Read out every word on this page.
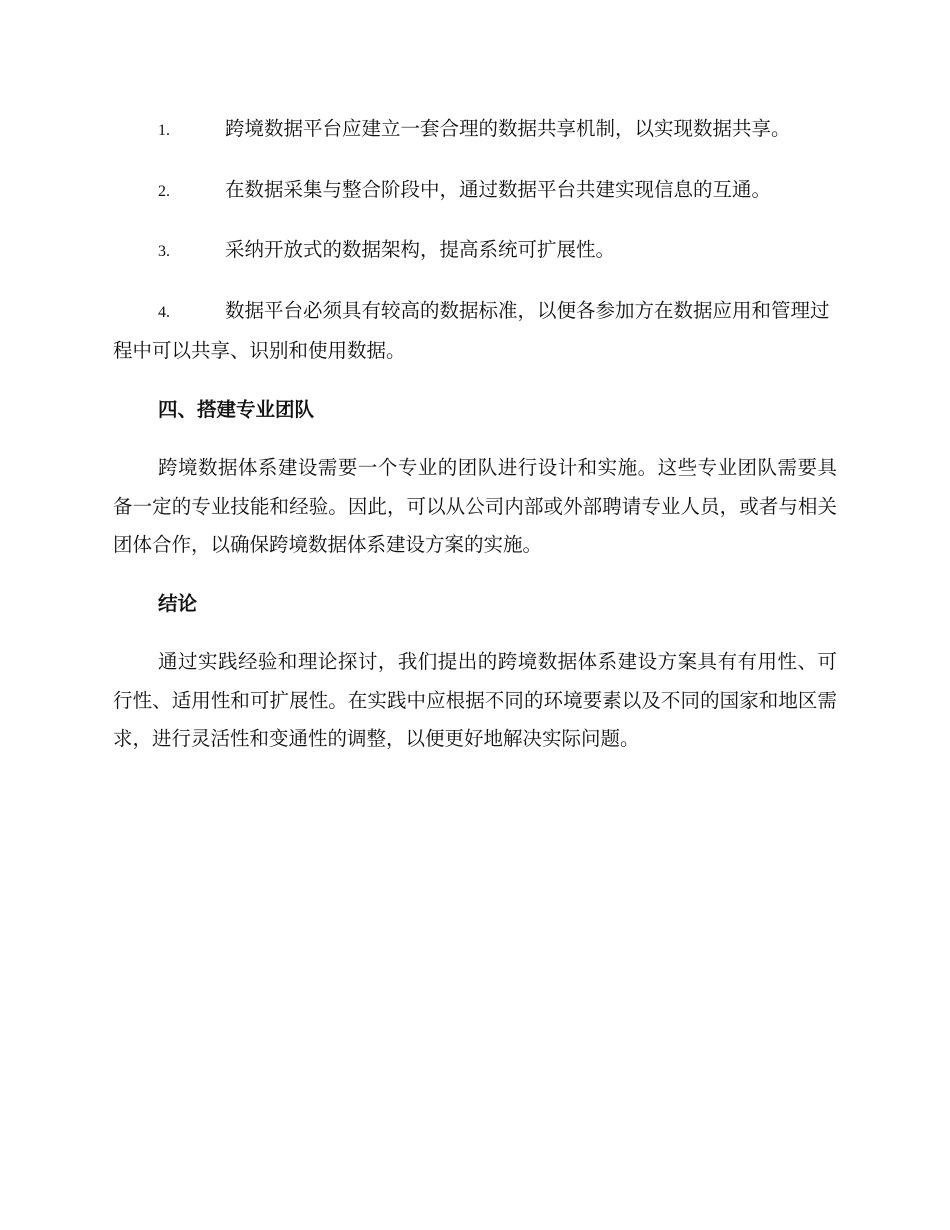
1.	跨境数据平台应建立一套合理的数据共享机制，以实现数据共享。
2.	在数据采集与整合阶段中，通过数据平台共建实现信息的互通。
3.	采纳开放式的数据架构，提高系统可扩展性。
4.	数据平台必须具有较高的数据标准，以便各参加方在数据应用和管理过程中可以共享、识别和使用数据。
四、搭建专业团队

跨境数据体系建设需要一个专业的团队进行设计和实施。这些专业团队需要具备一定的专业技能和经验。因此，可以从公司内部或外部聘请专业人员，或者与相关团体合作，以确保跨境数据体系建设方案的实施。

结论

通过实践经验和理论探讨，我们提出的跨境数据体系建设方案具有有用性、可行性、适用性和可扩展性。在实践中应根据不同的环境要素以及不同的国家和地区需求，进行灵活性和变通性的调整，以便更好地解决实际问题。
